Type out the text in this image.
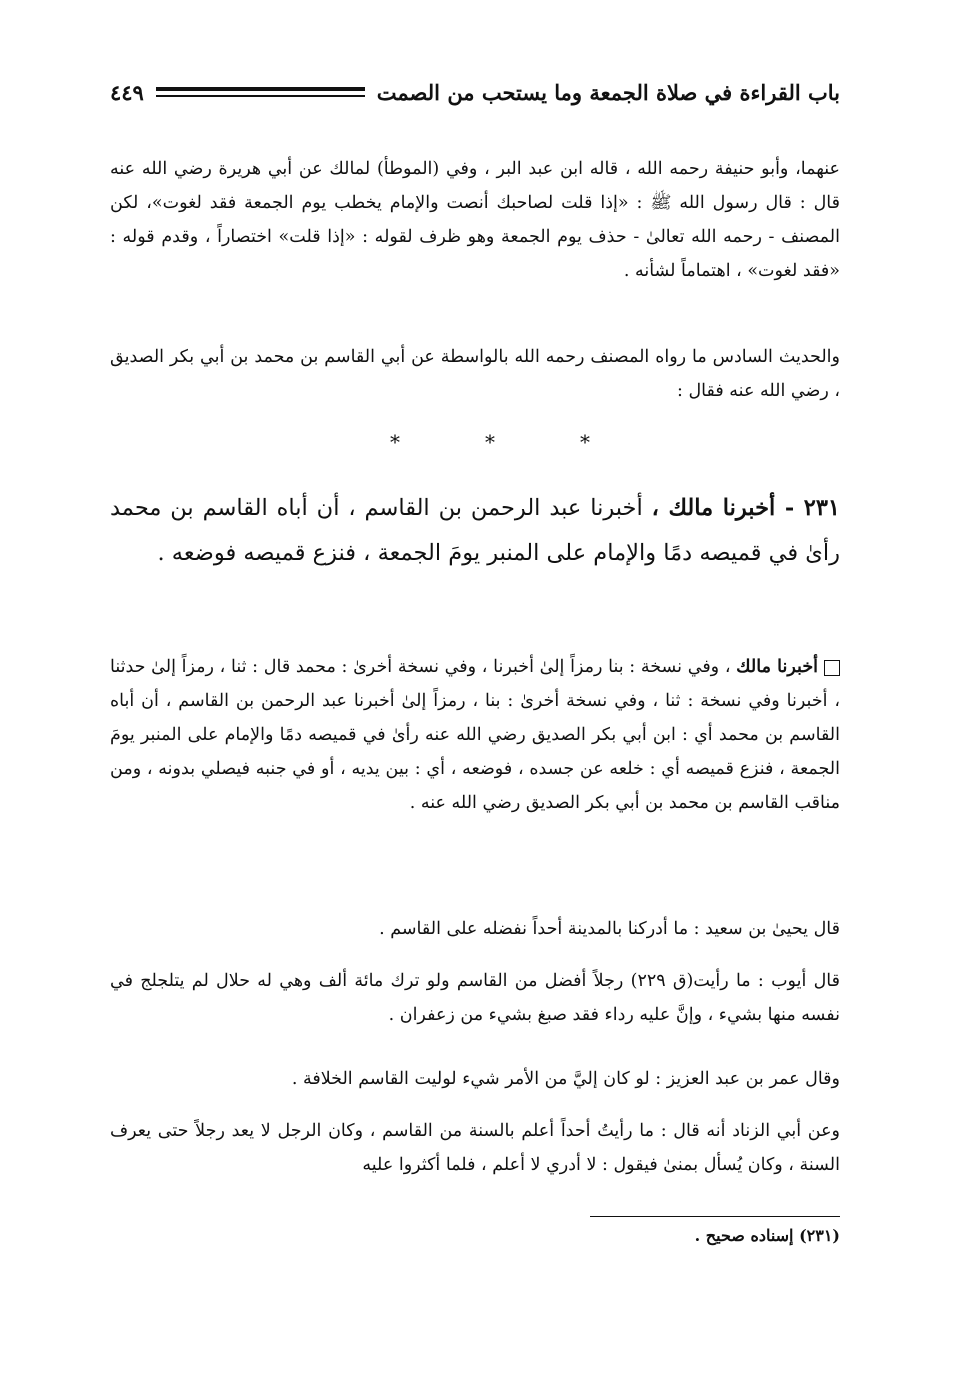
باب القراءة في صلاة الجمعة وما يستحب من الصمت
٤٤٩

عنهما، وأبو حنيفة رحمه الله ، قاله ابن عبد البر ، وفي (الموطأ) لمالك عن أبي هريرة رضي الله عنه قال : قال رسول الله ﷺ : «إذا قلت لصاحبك أنصت والإمام يخطب يوم الجمعة فقد لغوت»، لكن المصنف - رحمه الله تعالىٰ - حذف يوم الجمعة وهو ظرف لقوله : «إذا قلت» اختصاراً ، وقدم قوله : «فقد لغوت» ، اهتماماً لشأنه .

والحديث السادس ما رواه المصنف رحمه الله بالواسطة عن أبي القاسم بن محمد بن أبي بكر الصديق ، رضي الله عنه فقال :

*
*
*

٢٣١ - أخبرنا مالك ، أخبرنا عبد الرحمن بن القاسم ، أن أباه القاسم بن محمد رأىٰ في قميصه دمًا والإمام على المنبر يومَ الجمعة ، فنزع قميصه فوضعه .

أخبرنا مالك ، وفي نسخة : بنا رمزاً إلىٰ أخبرنا ، وفي نسخة أخرىٰ : محمد قال : ثنا ، رمزاً إلىٰ حدثنا ، أخبرنا وفي نسخة : ثنا ، وفي نسخة أخرىٰ : بنا ، رمزاً إلىٰ أخبرنا عبد الرحمن بن القاسم ، أن أباه القاسم بن محمد أي : ابن أبي بكر الصديق رضي الله عنه رأىٰ في قميصه دمًا والإمام على المنبر يومَ الجمعة ، فنزع قميصه أي : خلعه عن جسده ، فوضعه ، أي : بين يديه ، أو في جنبه فيصلي بدونه ، ومن مناقب القاسم بن محمد بن أبي بكر الصديق رضي الله عنه .

قال يحيىٰ بن سعيد : ما أدركنا بالمدينة أحداً نفضله على القاسم .

قال أيوب : ما رأيت(ق ٢٢٩) رجلاً أفضل من القاسم ولو ترك مائة ألف وهي له حلال لم يتلجلج في نفسه منها بشيء ، وإنَّ عليه رداء فقد صبغ بشيء من زعفران .

وقال عمر بن عبد العزيز : لو كان إليَّ من الأمر شيء لوليت القاسم الخلافة .

وعن أبي الزناد أنه قال : ما رأيتُ أحداً أعلم بالسنة من القاسم ، وكان الرجل لا يعد رجلاً حتى يعرف السنة ، وكان يُسأل بمنىٰ فيقول : لا أدري لا أعلم ، فلما أكثروا عليه

(٢٣١) إسناده صحيح .
